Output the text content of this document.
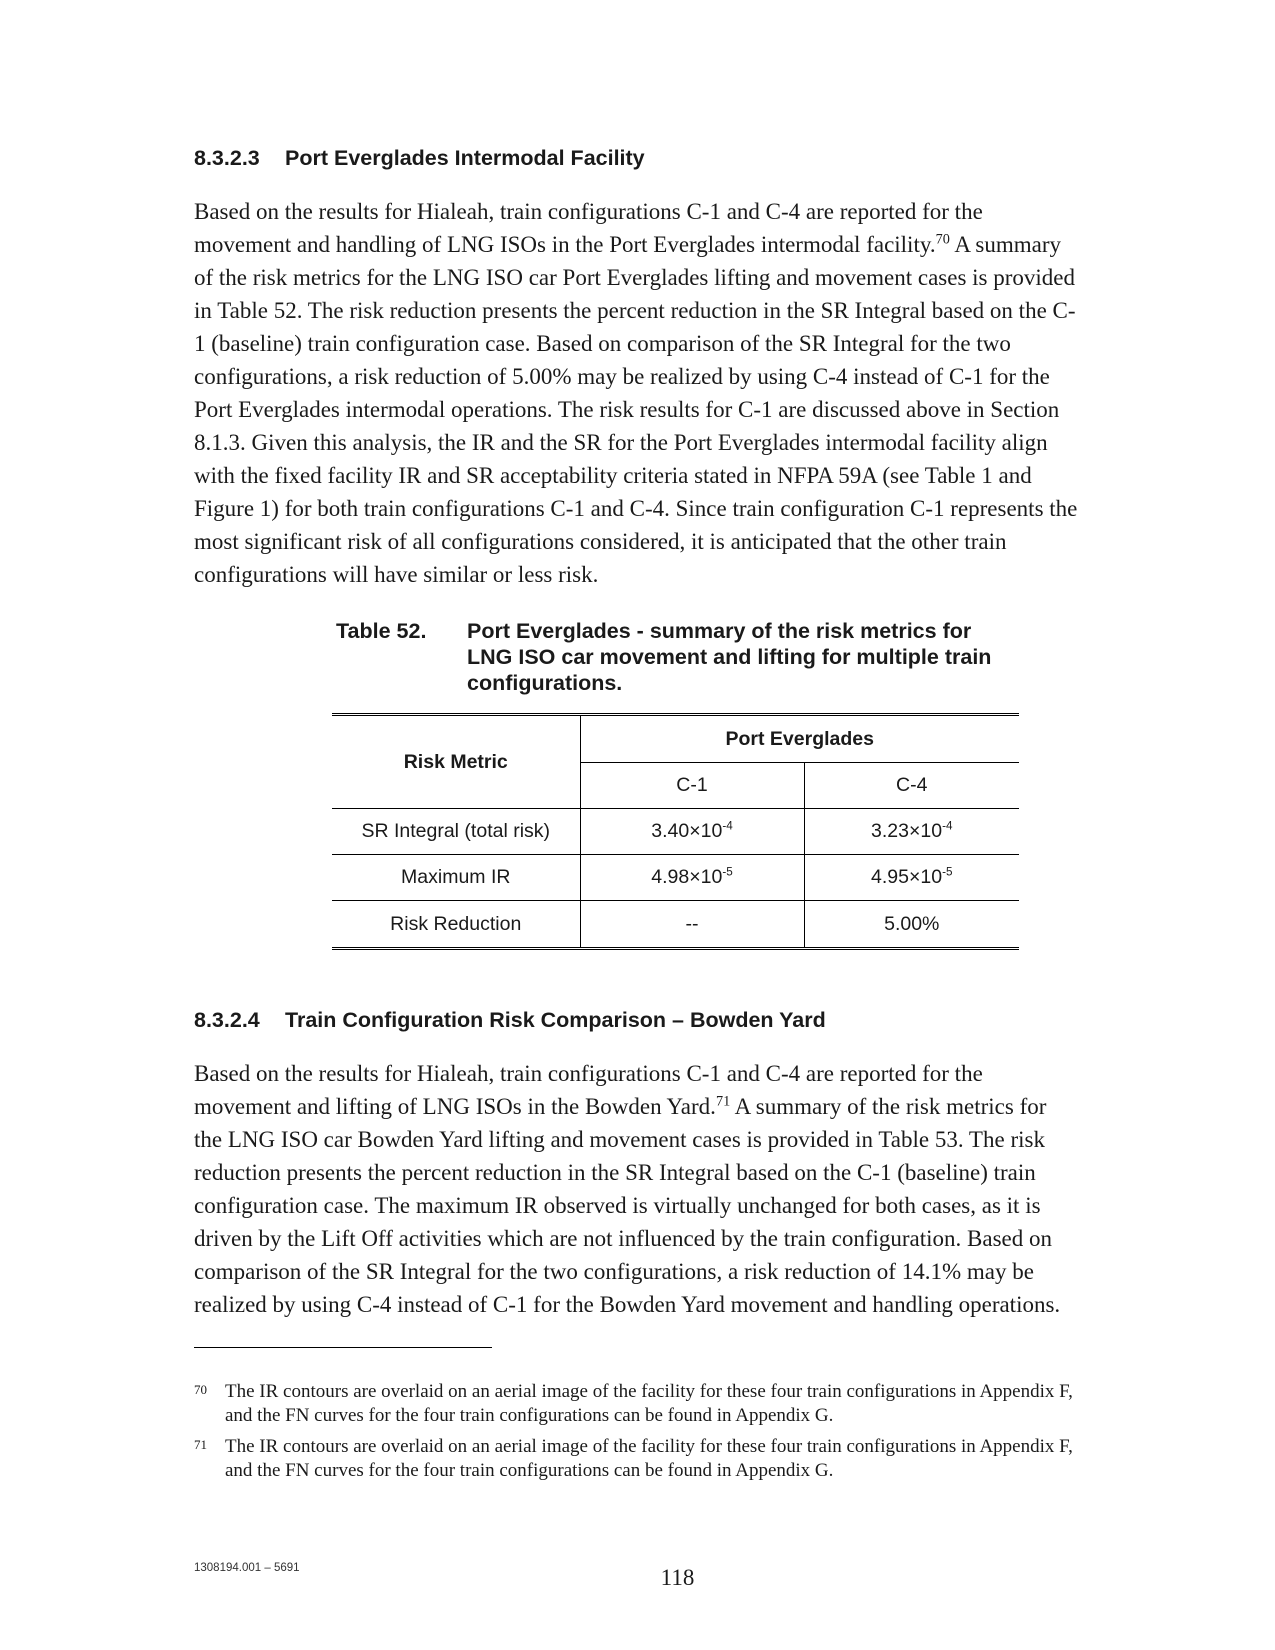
8.3.2.3 Port Everglades Intermodal Facility
Based on the results for Hialeah, train configurations C-1 and C-4 are reported for the
movement and handling of LNG ISOs in the Port Everglades intermodal facility.$^{70}$ A summary
of the risk metrics for the LNG ISO car Port Everglades lifting and movement cases is provided
in Table 52. The risk reduction presents the percent reduction in the SR Integral based on the C-
1 (baseline) train configuration case. Based on comparison of the SR Integral for the two
configurations, a risk reduction of 5.00% may be realized by using C-4 instead of C-1 for the
Port Everglades intermodal operations. The risk results for C-1 are discussed above in Section
8.1.3. Given this analysis, the IR and the SR for the Port Everglades intermodal facility align
with the fixed facility IR and SR acceptability criteria stated in NFPA 59A (see Table 1 and
Figure 1) for both train configurations C-1 and C-4. Since train configuration C-1 represents the
most significant risk of all configurations considered, it is anticipated that the other train
configurations will have similar or less risk.
Table 52. Port Everglades - summary of the risk metrics for
LNG ISO car movement and lifting for multiple train
configurations.
Risk Metric	Port Everglades	
	C-1	C-4
SR Integral (total risk)	$3.40\times 10^{-4}$	$3.23\times 10^{-4}$
Maximum IR	$4.98\times 10^{-5}$	$4.95\times 10^{-5}$
Risk Reduction	--	5.00%
8.3.2.4 Train Configuration Risk Comparison – Bowden Yard
Based on the results for Hialeah, train configurations C-1 and C-4 are reported for the
movement and lifting of LNG ISOs in the Bowden Yard.$^{71}$ A summary of the risk metrics for
the LNG ISO car Bowden Yard lifting and movement cases is provided in Table 53. The risk
reduction presents the percent reduction in the SR Integral based on the C-1 (baseline) train
configuration case. The maximum IR observed is virtually unchanged for both cases, as it is
driven by the Lift Off activities which are not influenced by the train configuration. Based on
comparison of the SR Integral for the two configurations, a risk reduction of 14.1% may be
realized by using C-4 instead of C-1 for the Bowden Yard movement and handling operations.
70 The IR contours are overlaid on an aerial image of the facility for these four train configurations in Appendix F,
and the FN curves for the four train configurations can be found in Appendix G.
71 The IR contours are overlaid on an aerial image of the facility for these four train configurations in Appendix F,
and the FN curves for the four train configurations can be found in Appendix G.
1308194.001 – 5691	118
